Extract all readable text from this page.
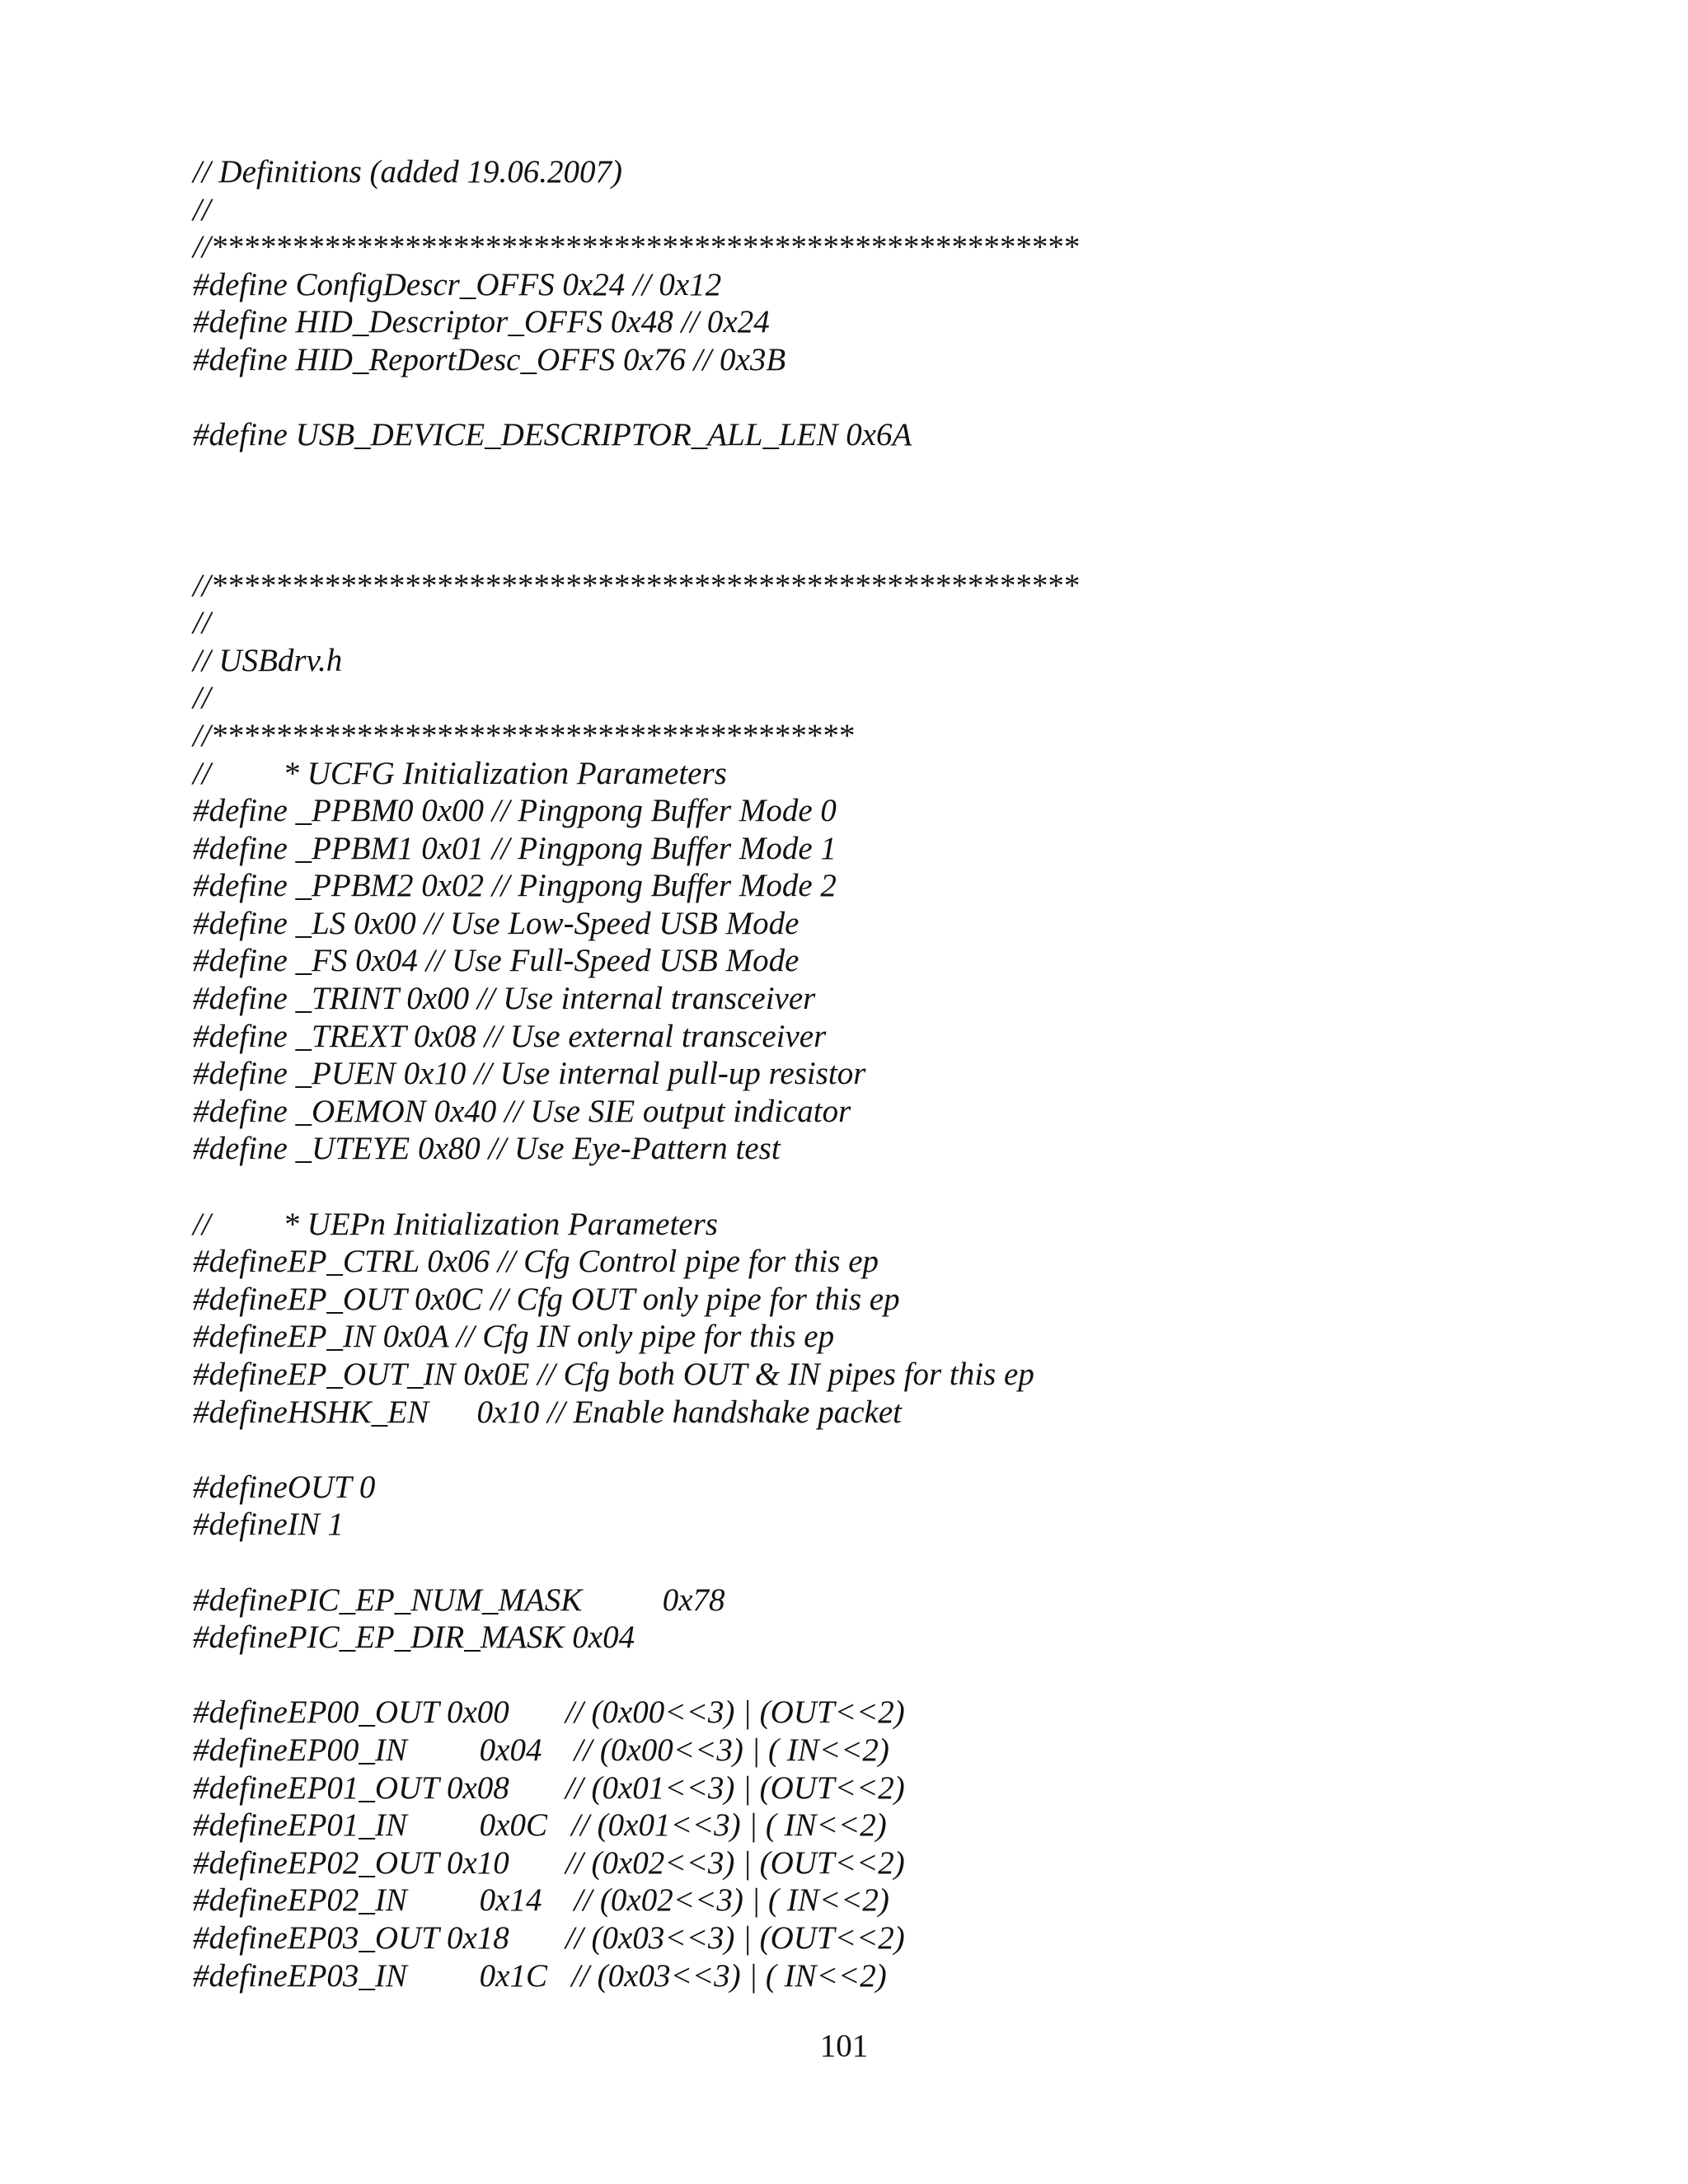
// Definitions (added 19.06.2007)
//
//******************************************************
#define ConfigDescr_OFFS 0x24 // 0x12
#define HID_Descriptor_OFFS 0x48 // 0x24
#define HID_ReportDesc_OFFS 0x76 // 0x3B
#define USB_DEVICE_DESCRIPTOR_ALL_LEN 0x6A
//******************************************************
//
// USBdrv.h
//
//****************************************
//         * UCFG Initialization Parameters
#define _PPBM0 0x00 // Pingpong Buffer Mode 0
#define _PPBM1 0x01 // Pingpong Buffer Mode 1
#define _PPBM2 0x02 // Pingpong Buffer Mode 2
#define _LS 0x00 // Use Low-Speed USB Mode
#define _FS 0x04 // Use Full-Speed USB Mode
#define _TRINT 0x00 // Use internal transceiver
#define _TREXT 0x08 // Use external transceiver
#define _PUEN 0x10 // Use internal pull-up resistor
#define _OEMON 0x40 // Use SIE output indicator
#define _UTEYE 0x80 // Use Eye-Pattern test
//         * UEPn Initialization Parameters
#defineEP_CTRL 0x06 // Cfg Control pipe for this ep
#defineEP_OUT 0x0C // Cfg OUT only pipe for this ep
#defineEP_IN 0x0A // Cfg IN only pipe for this ep
#defineEP_OUT_IN 0x0E // Cfg both OUT & IN pipes for this ep
#defineHSHK_EN      0x10 // Enable handshake packet
#defineOUT 0
#defineIN 1
#definePIC_EP_NUM_MASK          0x78
#definePIC_EP_DIR_MASK 0x04
#defineEP00_OUT 0x00       // (0x00<<3) | (OUT<<2)
#defineEP00_IN         0x04    // (0x00<<3) | ( IN<<2)
#defineEP01_OUT 0x08       // (0x01<<3) | (OUT<<2)
#defineEP01_IN         0x0C   // (0x01<<3) | ( IN<<2)
#defineEP02_OUT 0x10       // (0x02<<3) | (OUT<<2)
#defineEP02_IN         0x14    // (0x02<<3) | ( IN<<2)
#defineEP03_OUT 0x18       // (0x03<<3) | (OUT<<2)
#defineEP03_IN         0x1C   // (0x03<<3) | ( IN<<2)
101
